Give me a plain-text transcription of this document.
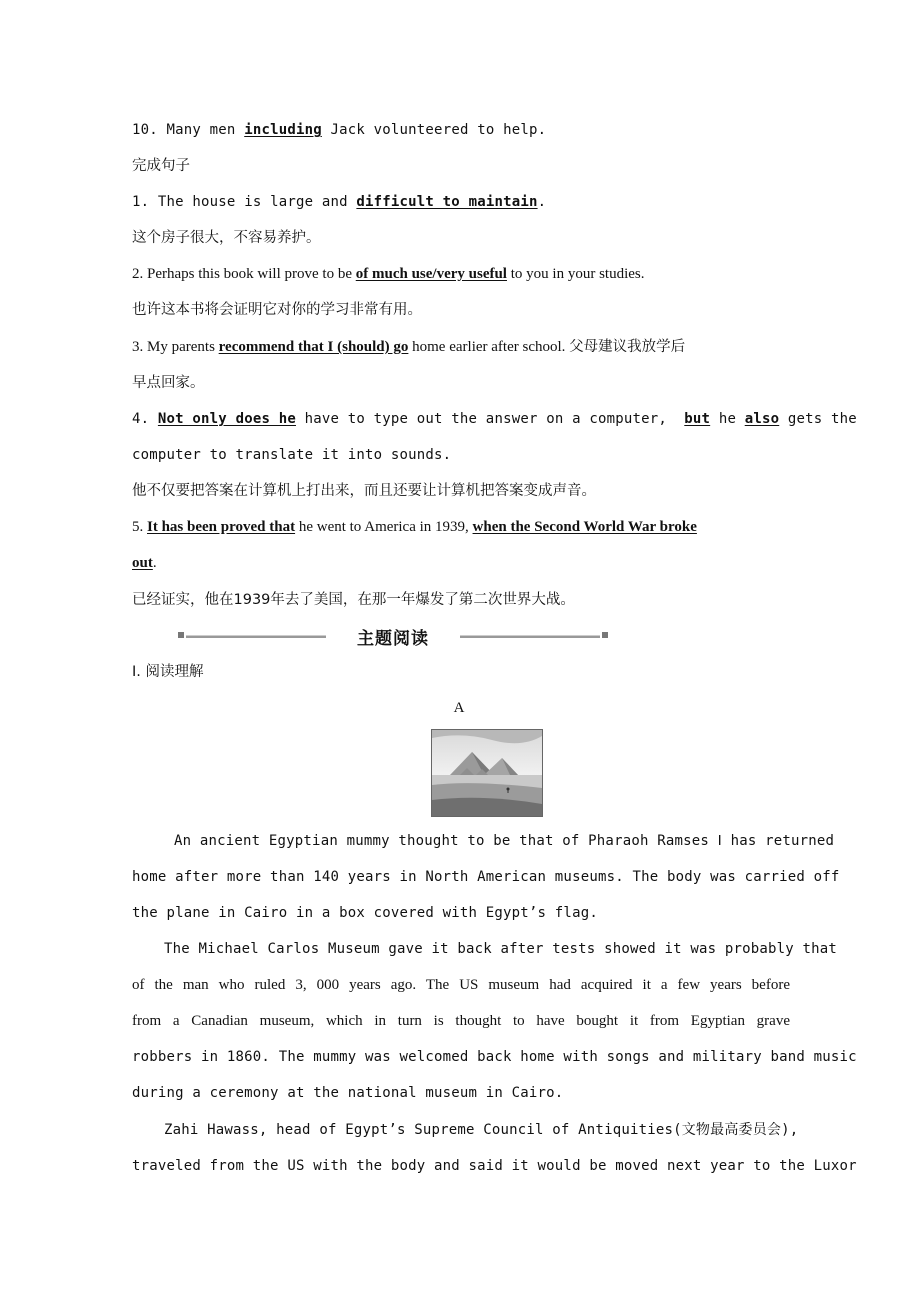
10. Many men including Jack volunteered to help.
完成句子
1. The house is large and difficult to maintain.
这个房子很大，不容易养护。
2. Perhaps this book will prove to be of much use/very useful to you in your studies.
也许这本书将会证明它对你的学习非常有用。
3. My parents recommend that I (should) go home earlier after school. 父母建议我放学后
早点回家。
4. Not only does he have to type out the answer on a computer, but he also gets the
computer to translate it into sounds.
他不仅要把答案在计算机上打出来，而且还要让计算机把答案变成声音。
5. It has been proved that he went to America in 1939, when the Second World War broke
out.
已经证实，他在1939年去了美国，在那一年爆发了第二次世界大战。
Ⅰ. 阅读理解
A
An ancient Egyptian mummy thought to be that of Pharaoh Ramses Ⅰ has returned
home after more than 140 years in North American museums. The body was carried off
the plane in Cairo in a box covered with Egypt’s flag.
The Michael Carlos Museum gave it back after tests showed it was probably that
of the man who ruled 3, 000 years ago. The US museum had acquired it a few years before
from a Canadian museum, which in turn is thought to have bought it from Egyptian grave
robbers in 1860. The mummy was welcomed back home with songs and military band music
during a ceremony at the national museum in Cairo.
Zahi Hawass, head of Egypt’s Supreme Council of Antiquities(文物最高委员会),
traveled from the US with the body and said it would be moved next year to the Luxor
主题阅读
